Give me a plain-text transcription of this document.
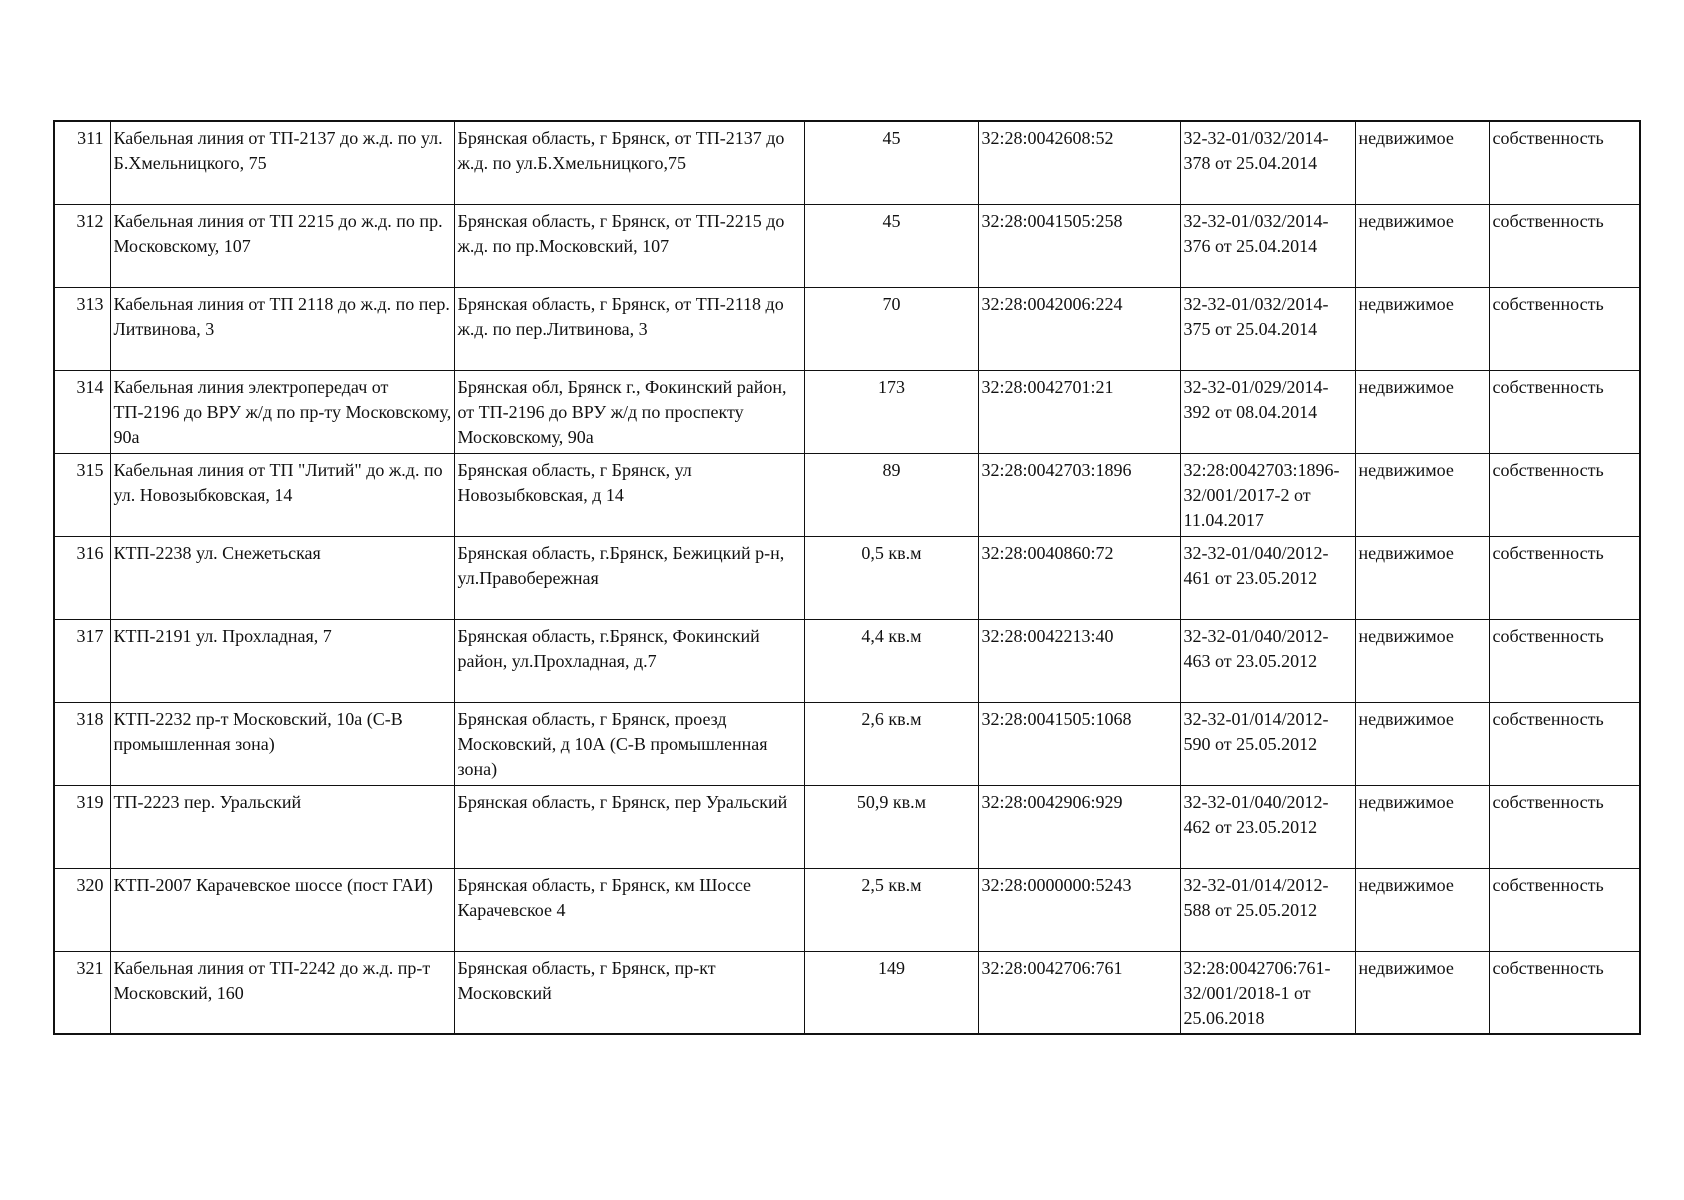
311	Кабельная линия от ТП-2137 до ж.д. по ул. Б.Хмельницкого, 75	Брянская область, г Брянск, от ТП-2137 до ж.д. по ул.Б.Хмельницкого,75	45	32:28:0042608:52	32-32-01/032/2014-378 от 25.04.2014	недвижимое	собственность
312	Кабельная линия от ТП 2215 до ж.д. по пр. Московскому, 107	Брянская область, г Брянск, от ТП-2215 до ж.д. по пр.Московский, 107	45	32:28:0041505:258	32-32-01/032/2014-376 от 25.04.2014	недвижимое	собственность
313	Кабельная линия от ТП 2118 до ж.д. по пер. Литвинова, 3	Брянская область, г Брянск, от ТП-2118 до ж.д. по пер.Литвинова, 3	70	32:28:0042006:224	32-32-01/032/2014-375 от 25.04.2014	недвижимое	собственность
314	Кабельная линия электропередач от ТП-2196 до ВРУ ж/д по пр-ту Московскому, 90а	Брянская обл, Брянск г., Фокинский район, от ТП-2196 до ВРУ ж/д по проспекту Московскому, 90а	173	32:28:0042701:21	32-32-01/029/2014-392 от 08.04.2014	недвижимое	собственность
315	Кабельная линия от ТП "Литий" до ж.д. по ул. Новозыбковская, 14	Брянская область, г Брянск, ул Новозыбковская, д 14	89	32:28:0042703:1896	32:28:0042703:1896-32/001/2017-2 от 11.04.2017	недвижимое	собственность
316	КТП-2238 ул. Снежетьская	Брянская область, г.Брянск, Бежицкий р-н, ул.Правобережная	0,5 кв.м	32:28:0040860:72	32-32-01/040/2012-461 от 23.05.2012	недвижимое	собственность
317	КТП-2191 ул. Прохладная, 7	Брянская область, г.Брянск, Фокинский район, ул.Прохладная, д.7	4,4 кв.м	32:28:0042213:40	32-32-01/040/2012-463 от 23.05.2012	недвижимое	собственность
318	КТП-2232 пр-т Московский, 10а (С-В промышленная зона)	Брянская область, г Брянск, проезд Московский, д 10А (С-В промышленная зона)	2,6 кв.м	32:28:0041505:1068	32-32-01/014/2012-590 от 25.05.2012	недвижимое	собственность
319	ТП-2223 пер. Уральский	Брянская область, г Брянск, пер Уральский	50,9 кв.м	32:28:0042906:929	32-32-01/040/2012-462 от 23.05.2012	недвижимое	собственность
320	КТП-2007 Карачевское шоссе (пост ГАИ)	Брянская область, г Брянск, км Шоссе Карачевское 4	2,5 кв.м	32:28:0000000:5243	32-32-01/014/2012-588 от 25.05.2012	недвижимое	собственность
321	Кабельная линия от ТП-2242 до ж.д. пр-т Московский, 160	Брянская область, г Брянск, пр-кт Московский	149	32:28:0042706:761	32:28:0042706:761-32/001/2018-1 от 25.06.2018	недвижимое	собственность
